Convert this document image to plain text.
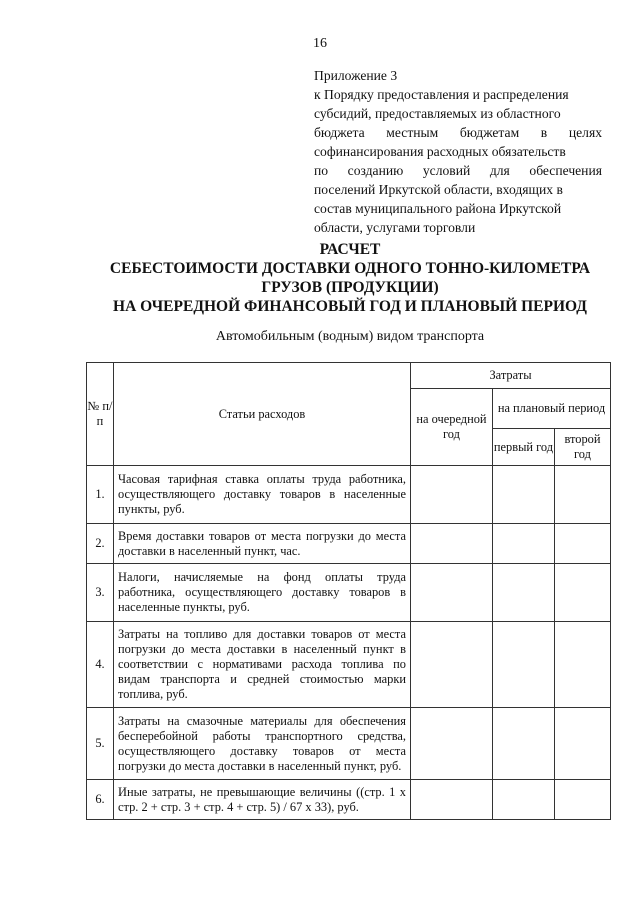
16
Приложение 3
к Порядку предоставления и распределения
субсидий, предоставляемых из областного
бюджета местным бюджетам в целях
софинансирования расходных обязательств
по созданию условий для обеспечения
поселений Иркутской области, входящих в
состав муниципального района Иркутской
области, услугами торговли
РАСЧЕТ
СЕБЕСТОИМОСТИ ДОСТАВКИ ОДНОГО ТОННО-КИЛОМЕТРА
ГРУЗОВ (ПРОДУКЦИИ)
НА ОЧЕРЕДНОЙ ФИНАНСОВЫЙ ГОД И ПЛАНОВЫЙ ПЕРИОД
Автомобильным (водным) видом транспорта
№ п/п	Статьи расходов	Затраты		
		на очередной год	на плановый период	
			первый год	второй год
1.	Часовая тарифная ставка оплаты труда работника, осуществляющего доставку товаров в населенные пункты, руб.			
2.	Время доставки товаров от места погрузки до места доставки в населенный пункт, час.			
3.	Налоги, начисляемые на фонд оплаты труда работника, осуществляющего доставку товаров в населенные пункты, руб.			
4.	Затраты на топливо для доставки товаров от места погрузки до места доставки в населенный пункт в соответствии с нормативами расхода топлива по видам транспорта и средней стоимостью марки топлива, руб.			
5.	Затраты на смазочные материалы для обеспечения бесперебойной работы транспортного средства, осуществляющего доставку товаров от места погрузки до места доставки в населенный пункт, руб.			
6.	Иные затраты, не превышающие величины ((стр. 1 х стр. 2 + стр. 3 + стр. 4 + стр. 5) / 67 х 33), руб.			
